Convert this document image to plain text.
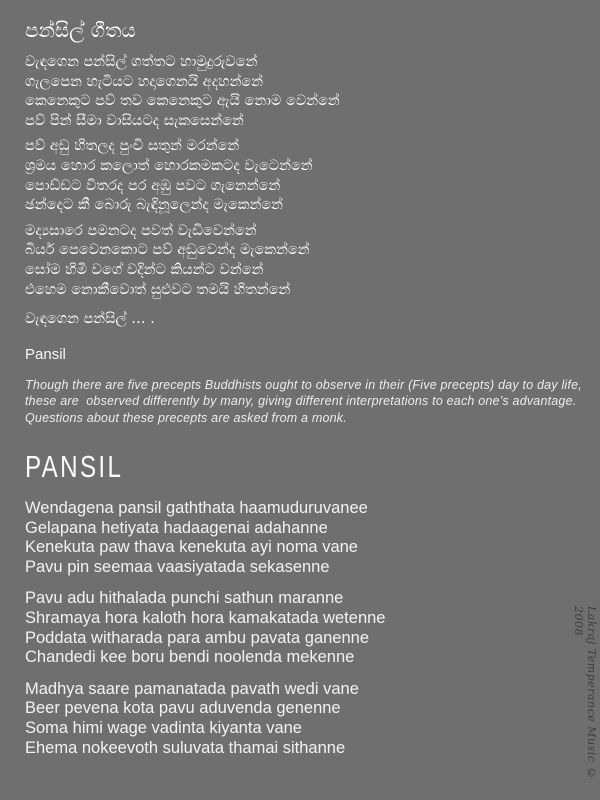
පන්සිල් ගීතය
වැඳගෙන පන්සිල් ගත්තට හාමුදුරුවනේ
ගැලපෙන හැටියට හදාගෙනයි අදහන්නේ
කෙනෙකුට පව් තව කෙනෙකුට ඇයි නොම වෙන්නේ
පව් පින් සීමා වාසියටද සැකසෙන්නේ
පව් අඩු හිතලද පුංචි සතුන් මරන්නේ
ශ්‍රමය හොර කලොත් හොරකමකටද වැටෙන්නේ
පොඩ්ඩට විතරද පර අඹු පවට ගැනෙන්නේ
ඡන්දෙට කී බොරු බැඳිනූලෙන්ද මැකෙන්නේ
මද්‍යසාරෙ පමනටද පවත් වැඩිවෙන්නේ
බියර් පෙවෙනකොට පව් අඩුවෙන්ද මැකෙන්නේ
සෝම හිමි වගේ වදින්ට කියන්ට වන්නේ
එහෙම නොකීවොත් සුළුවට තමයි හිතන්නේ
වැඳගෙන පන්සිල් … .
Pansil
Though there are five precepts Buddhists ought to observe in their (Five precepts) day to day life,
these are  observed differently by many, giving different interpretations to each one’s advantage.
Questions about these precepts are asked from a monk.
PANSIL
Wendagena pansil gaththata haamuduruvanee
Gelapana hetiyata hadaagenai adahanne
Kenekuta paw thava kenekuta ayi noma vane
Pavu pin seemaa vaasiyatada sekasenne
Pavu adu hithalada punchi sathun maranne
Shramaya hora kaloth hora kamakatada wetenne
Poddata witharada para ambu pavata ganenne
Chandedi kee boru bendi noolenda mekenne
Madhya saare pamanatada pavath wedi vane
Beer pevena kota pavu aduvenda genenne
Soma himi wage vadinta kiyanta vane
Ehema nokeevoth suluvata thamai sithanne	Lakraj Temperance Music © 2008
